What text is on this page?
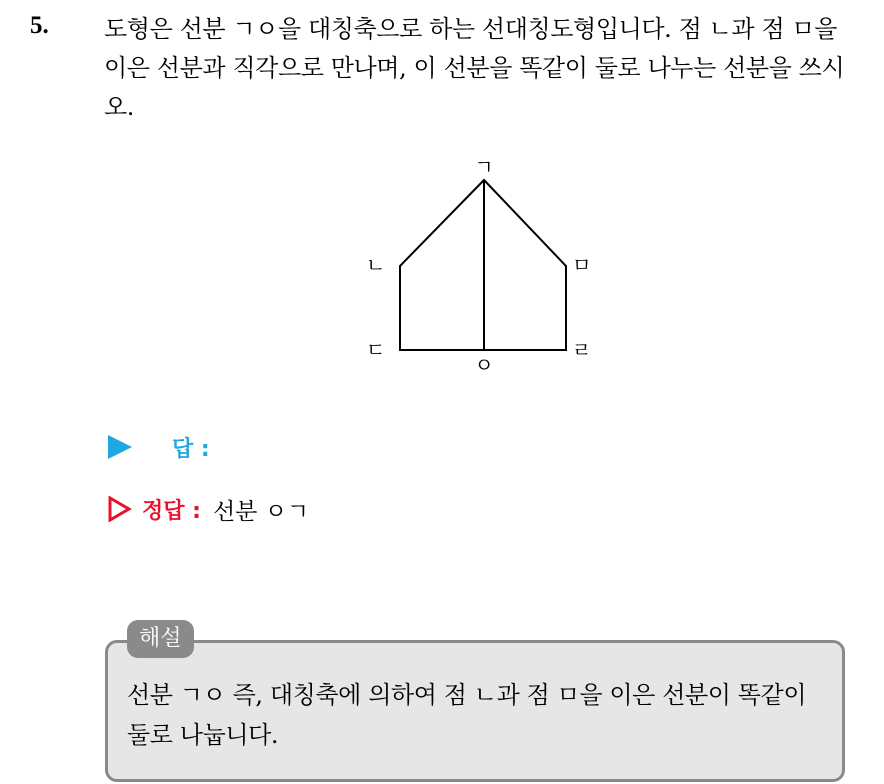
5. 도형은 선분 ㄱㅇ을 대칭축으로 하는 선대칭도형입니다. 점 ㄴ과 점 ㅁ을 이은 선분과 직각으로 만나며, 이 선분을 똑같이 둘로 나누는 선분을 쓰시오.
ㄱ
ㄴ	ㅁ
ㄷ	ㄹ
ㅇ
답 :
정답 : 선분 ㅇㄱ
해설
선분 ㄱㅇ 즉, 대칭축에 의하여 점 ㄴ과 점 ㅁ을 이은 선분이 똑같이 둘로 나눕니다.
